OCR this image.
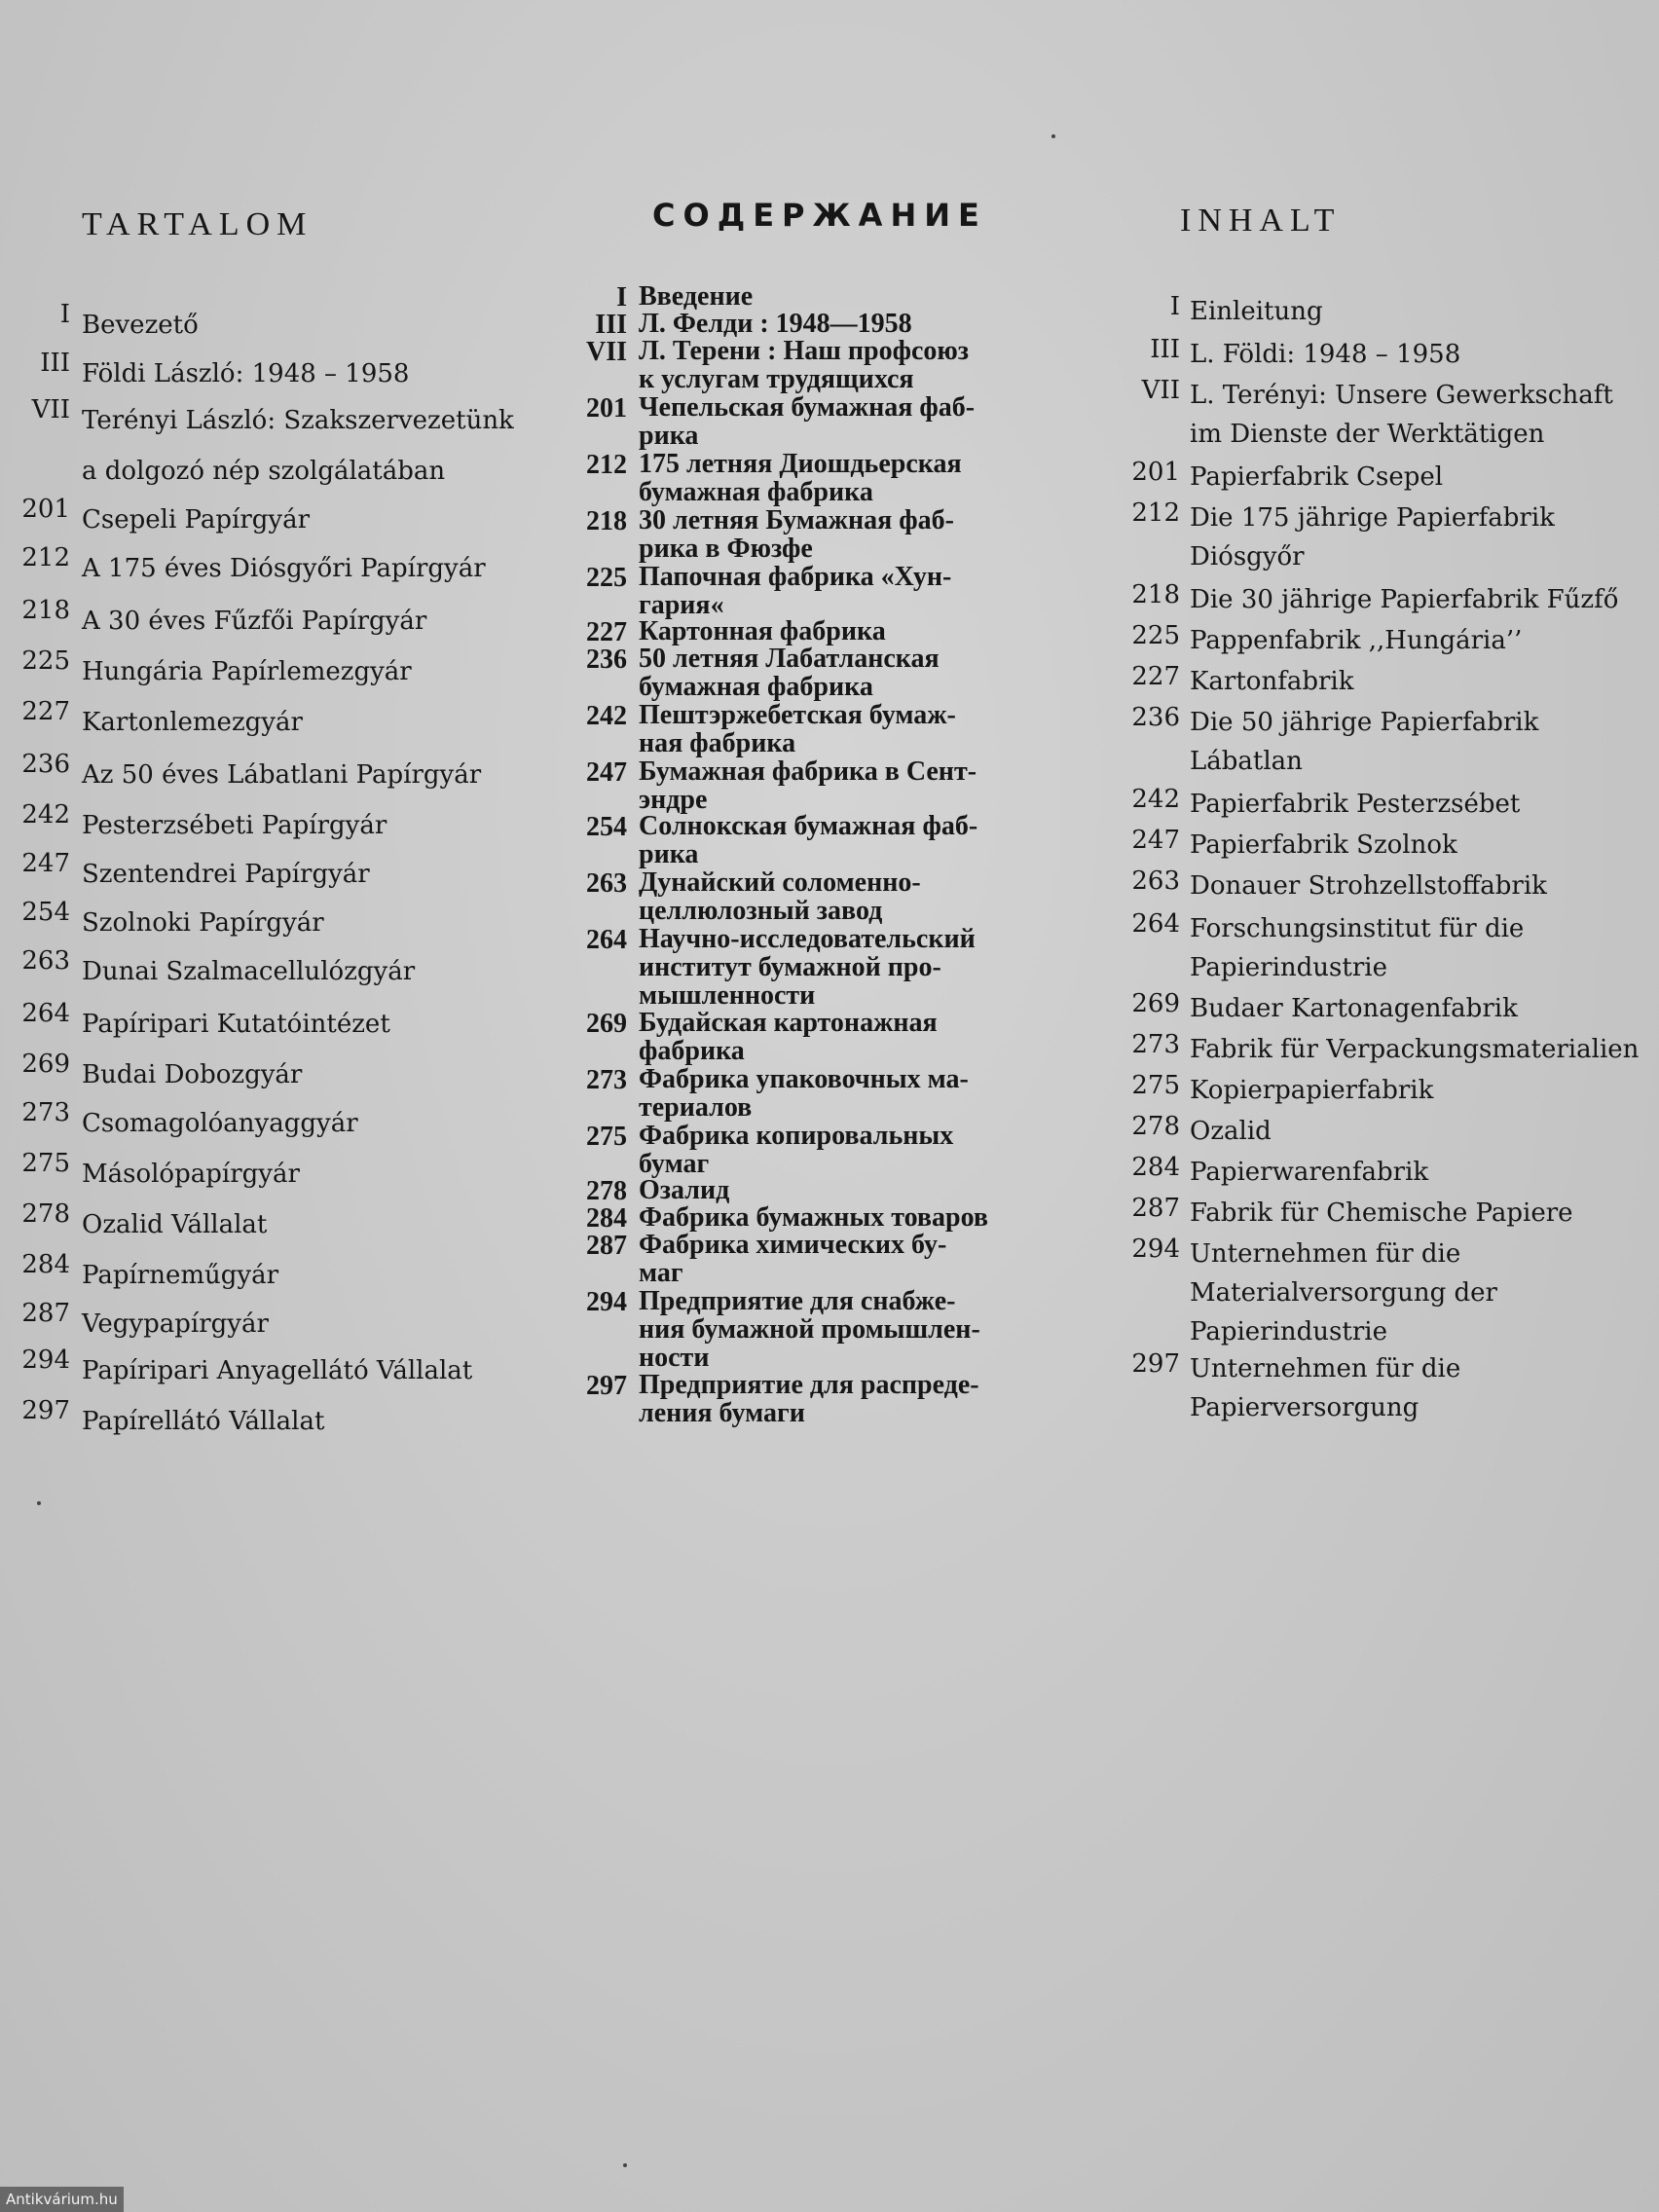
TARTALOM
I Bevezető
III Földi László: 1948 – 1958
VII Terényi László: Szakszervezetünk
a dolgozó nép szolgálatában
201 Csepeli Papírgyár
212 A 175 éves Diósgyőri Papírgyár
218 A 30 éves Fűzfői Papírgyár
225 Hungária Papírlemezgyár
227 Kartonlemezgyár
236 Az 50 éves Lábatlani Papírgyár
242 Pesterzsébeti Papírgyár
247 Szentendrei Papírgyár
254 Szolnoki Papírgyár
263 Dunai Szalmacellulózgyár
264 Papíripari Kutatóintézet
269 Budai Dobozgyár
273 Csomagolóanyaggyár
275 Másolópapírgyár
278 Ozalid Vállalat
284 Papírneműgyár
287 Vegypapírgyár
294 Papíripari Anyagellátó Vállalat
297 Papírellátó Vállalat
СОДЕРЖАНИЕ
I Введение
III Л. Фелди : 1948—1958
VII Л. Терени : Наш профсоюз
к услугам трудящихся
201 Чепельская бумажная фаб-
рика
212 175 летняя Диошдьерская
бумажная фабрика
218 30 летняя Бумажная фаб-
рика в Фюзфе
225 Папочная фабрика «Хун-
гария«
227 Картонная фабрика
236 50 летняя Лабатланская
бумажная фабрика
242 Пештэржебетская бумаж-
ная фабрика
247 Бумажная фабрика в Сент-
эндре
254 Солнокская бумажная фаб-
рика
263 Дунайский соломенно-
целлюлозный завод
264 Научно-исследовательский
институт бумажной про-
мышленности
269 Будайская картонажная
фабрика
273 Фабрика упаковочных ма-
териалов
275 Фабрика копировальных
бумаг
278 Озалид
284 Фабрика бумажных товаров
287 Фабрика химических бу-
маг
294 Предприятие для снабже-
ния бумажной промышлен-
ности
297 Предприятие для распреде-
ления бумаги
INHALT
I Einleitung
III L. Földi: 1948 – 1958
VII L. Terényi: Unsere Gewerkschaft
im Dienste der Werktätigen
201 Papierfabrik Csepel
212 Die 175 jährige Papierfabrik
Diósgyőr
218 Die 30 jährige Papierfabrik Fűzfő
225 Pappenfabrik ,,Hungária’’
227 Kartonfabrik
236 Die 50 jährige Papierfabrik
Lábatlan
242 Papierfabrik Pesterzsébet
247 Papierfabrik Szolnok
263 Donauer Strohzellstoffabrik
264 Forschungsinstitut für die
Papierindustrie
269 Budaer Kartonagenfabrik
273 Fabrik für Verpackungsmaterialien
275 Kopierpapierfabrik
278 Ozalid
284 Papierwarenfabrik
287 Fabrik für Chemische Papiere
294 Unternehmen für die
Materialversorgung der
Papierindustrie
297 Unternehmen für die
Papierversorgung
Antikvárium.hu
